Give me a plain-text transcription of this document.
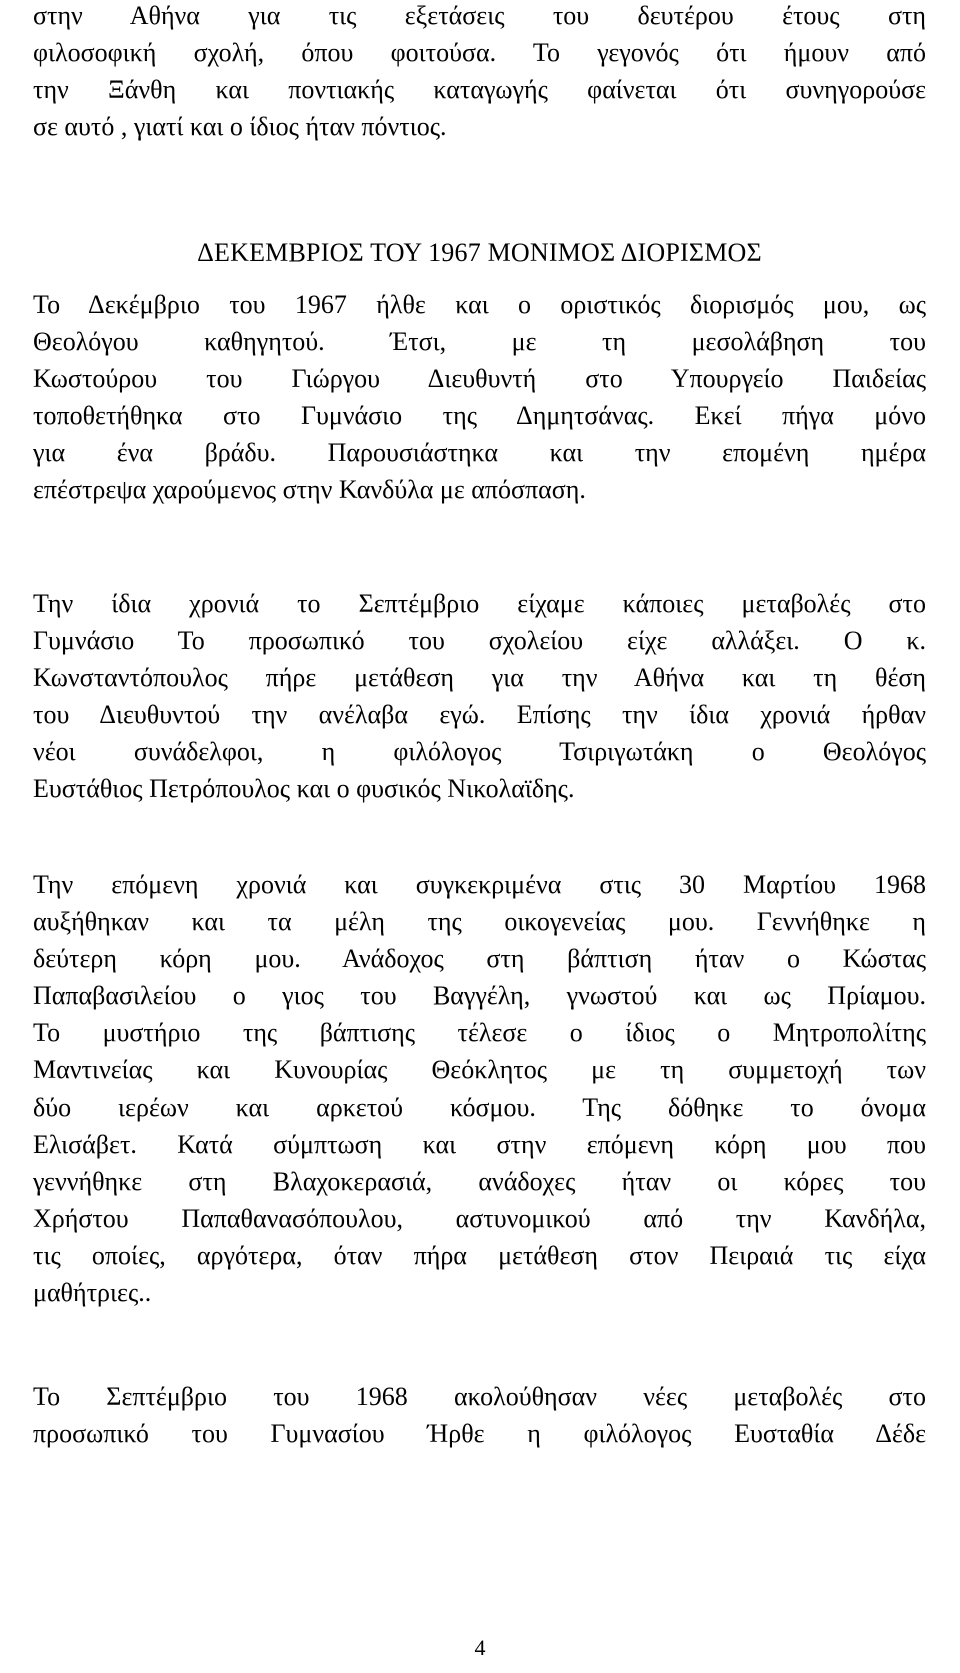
στην Αθήνα για τις εξετάσεις του δευτέρου έτους στη
φιλοσοφική σχολή, όπου φοιτούσα. Το γεγονός ότι ήμουν από
την Ξάνθη και ποντιακής καταγωγής φαίνεται ότι συνηγορούσε
σε αυτό , γιατί και ο ίδιος ήταν πόντιος.
ΔΕΚΕΜΒΡΙΟΣ ΤΟΥ 1967 ΜΟΝΙΜΟΣ ΔΙΟΡΙΣΜΟΣ
Το Δεκέμβριο του 1967 ήλθε και ο οριστικός διορισμός μου, ως
Θεολόγου καθηγητού. Έτσι, με τη μεσολάβηση του
Κωστούρου του Γιώργου Διευθυντή στο Υπουργείο Παιδείας
τοποθετήθηκα στο Γυμνάσιο της Δημητσάνας. Εκεί πήγα μόνο
για ένα βράδυ. Παρουσιάστηκα και την επομένη ημέρα
επέστρεψα χαρούμενος στην Κανδύλα με απόσπαση.
Την ίδια χρονιά το Σεπτέμβριο είχαμε κάποιες μεταβολές στο
Γυμνάσιο Το προσωπικό του σχολείου είχε αλλάξει. Ο κ.
Κωνσταντόπουλος πήρε μετάθεση για την Αθήνα και τη θέση
του Διευθυντού την ανέλαβα εγώ. Επίσης την ίδια χρονιά ήρθαν
νέοι συνάδελφοι, η φιλόλογος Τσιριγωτάκη ο Θεολόγος
Ευστάθιος Πετρόπουλος και ο φυσικός Νικολαϊδης.
Την επόμενη χρονιά και συγκεκριμένα στις 30 Μαρτίου 1968
αυξήθηκαν και τα μέλη της οικογενείας μου. Γεννήθηκε η
δεύτερη κόρη μου. Ανάδοχος στη βάπτιση ήταν ο Κώστας
Παπαβασιλείου ο γιος του Βαγγέλη, γνωστού και ως Πρίαμου.
Το μυστήριο της βάπτισης τέλεσε ο ίδιος ο Μητροπολίτης
Μαντινείας και Κυνουρίας Θεόκλητος με τη συμμετοχή των
δύο ιερέων και αρκετού κόσμου. Της δόθηκε το όνομα
Ελισάβετ. Κατά σύμπτωση και στην επόμενη κόρη μου που
γεννήθηκε στη Βλαχοκερασιά, ανάδοχες ήταν οι κόρες του
Χρήστου Παπαθανασόπουλου, αστυνομικού από την Κανδήλα,
τις οποίες, αργότερα, όταν πήρα μετάθεση στον Πειραιά τις είχα
μαθήτριες..
Το Σεπτέμβριο του 1968 ακολούθησαν νέες μεταβολές στο
προσωπικό του Γυμνασίου Ήρθε η φιλόλογος Ευσταθία Δέδε
4
